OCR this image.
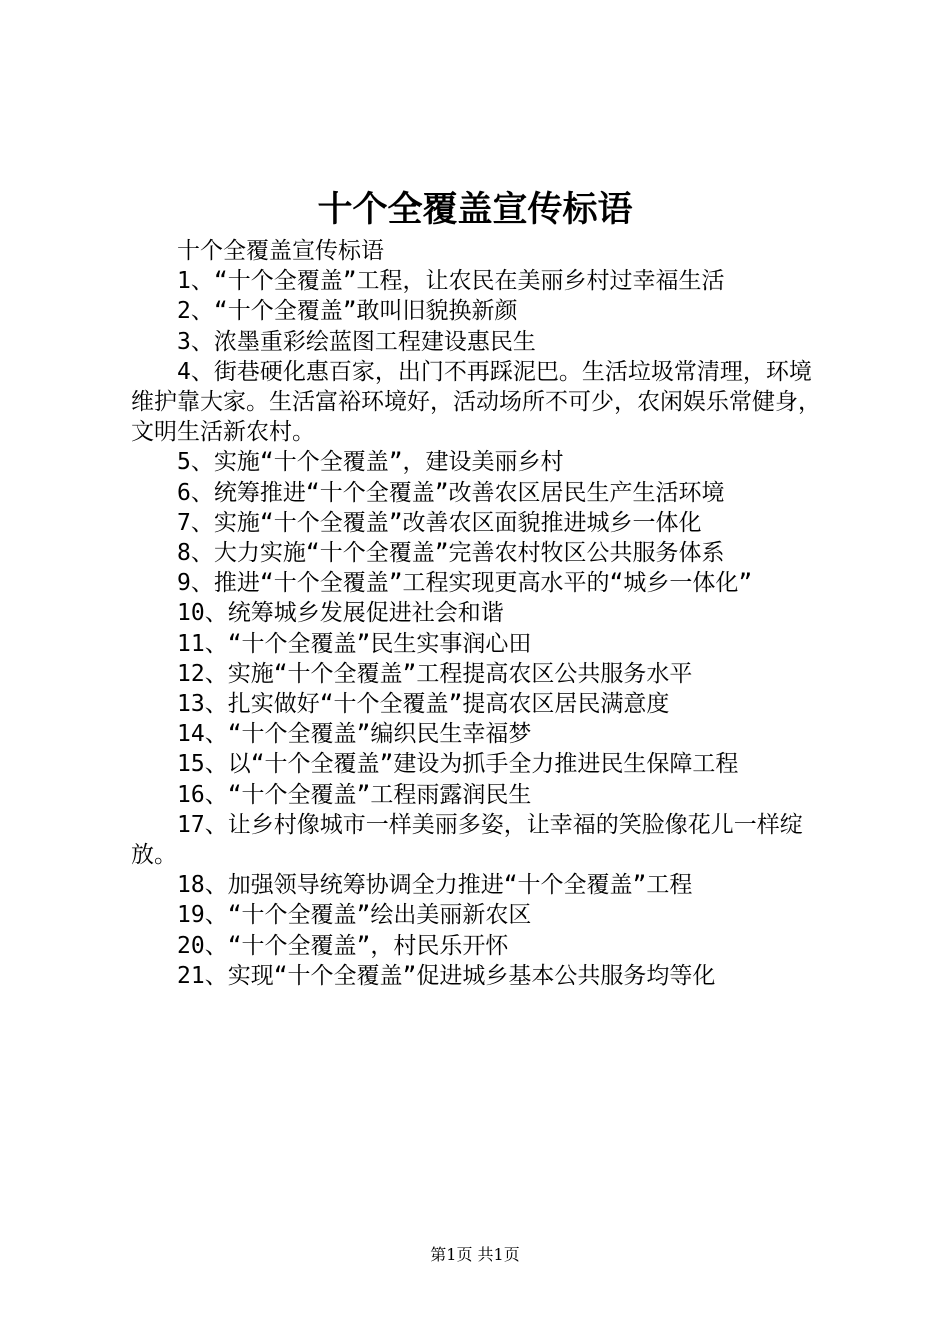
十个全覆盖宣传标语

十个全覆盖宣传标语

1、“十个全覆盖”工程，让农民在美丽乡村过幸福生活

2、“十个全覆盖”敢叫旧貌换新颜

3、浓墨重彩绘蓝图工程建设惠民生

4、街巷硬化惠百家，出门不再踩泥巴。生活垃圾常清理，环境维护靠大家。生活富裕环境好，活动场所不可少，农闲娱乐常健身，文明生活新农村。

5、实施“十个全覆盖”，建设美丽乡村

6、统筹推进“十个全覆盖”改善农区居民生产生活环境

7、实施“十个全覆盖”改善农区面貌推进城乡一体化

8、大力实施“十个全覆盖”完善农村牧区公共服务体系

9、推进“十个全覆盖”工程实现更高水平的“城乡一体化”

10、统筹城乡发展促进社会和谐

11、“十个全覆盖”民生实事润心田

12、实施“十个全覆盖”工程提高农区公共服务水平

13、扎实做好“十个全覆盖”提高农区居民满意度

14、“十个全覆盖”编织民生幸福梦

15、以“十个全覆盖”建设为抓手全力推进民生保障工程

16、“十个全覆盖”工程雨露润民生

17、让乡村像城市一样美丽多姿，让幸福的笑脸像花儿一样绽放。

18、加强领导统筹协调全力推进“十个全覆盖”工程

19、“十个全覆盖”绘出美丽新农区

20、“十个全覆盖”，村民乐开怀

21、实现“十个全覆盖”促进城乡基本公共服务均等化

第1页 共1页
